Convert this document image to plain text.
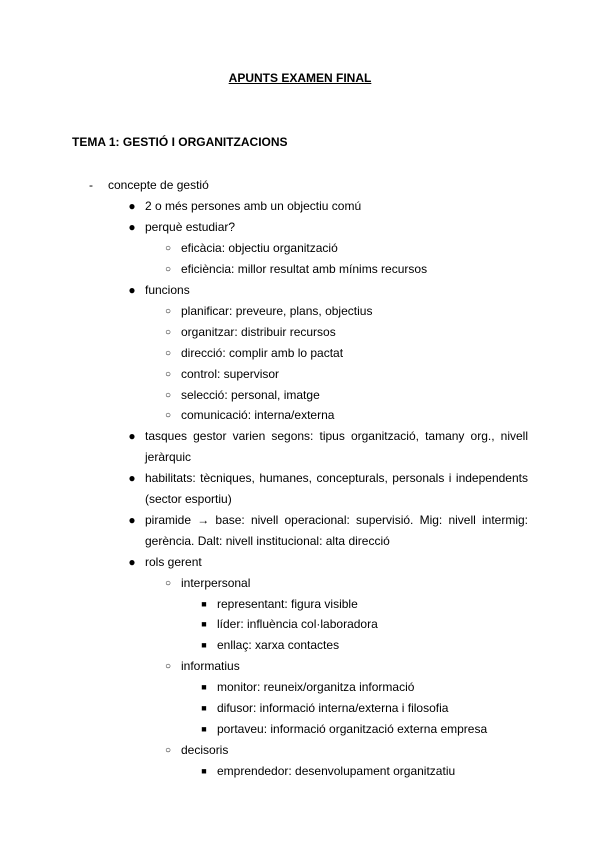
APUNTS EXAMEN FINAL
TEMA 1: GESTIÓ I ORGANITZACIONS
-	concepte de gestió
● 2 o més persones amb un objectiu comú
● perquè estudiar?
○ eficàcia: objectiu organització
○ eficiència: millor resultat amb mínims recursos
● funcions
○ planificar: preveure, plans, objectius
○ organitzar: distribuir recursos
○ direcció: complir amb lo pactat
○ control: supervisor
○ selecció: personal, imatge
○ comunicació: interna/externa
● tasques gestor varien segons: tipus organització, tamany org., nivell
jeràrquic
● habilitats: tècniques, humanes, concepturals, personals i independents
(sector esportiu)
● piramide → base: nivell operacional: supervisió. Mig: nivell intermig:
gerència. Dalt: nivell institucional: alta direcció
● rols gerent
○ interpersonal
■ representant: figura visible
■ líder: influència col·laboradora
■ enllaç: xarxa contactes
○ informatius
■ monitor: reuneix/organitza informació
■ difusor: informació interna/externa i filosofia
■ portaveu: informació organització externa empresa
○ decisoris
■ emprendedor: desenvolupament organitzatiu
